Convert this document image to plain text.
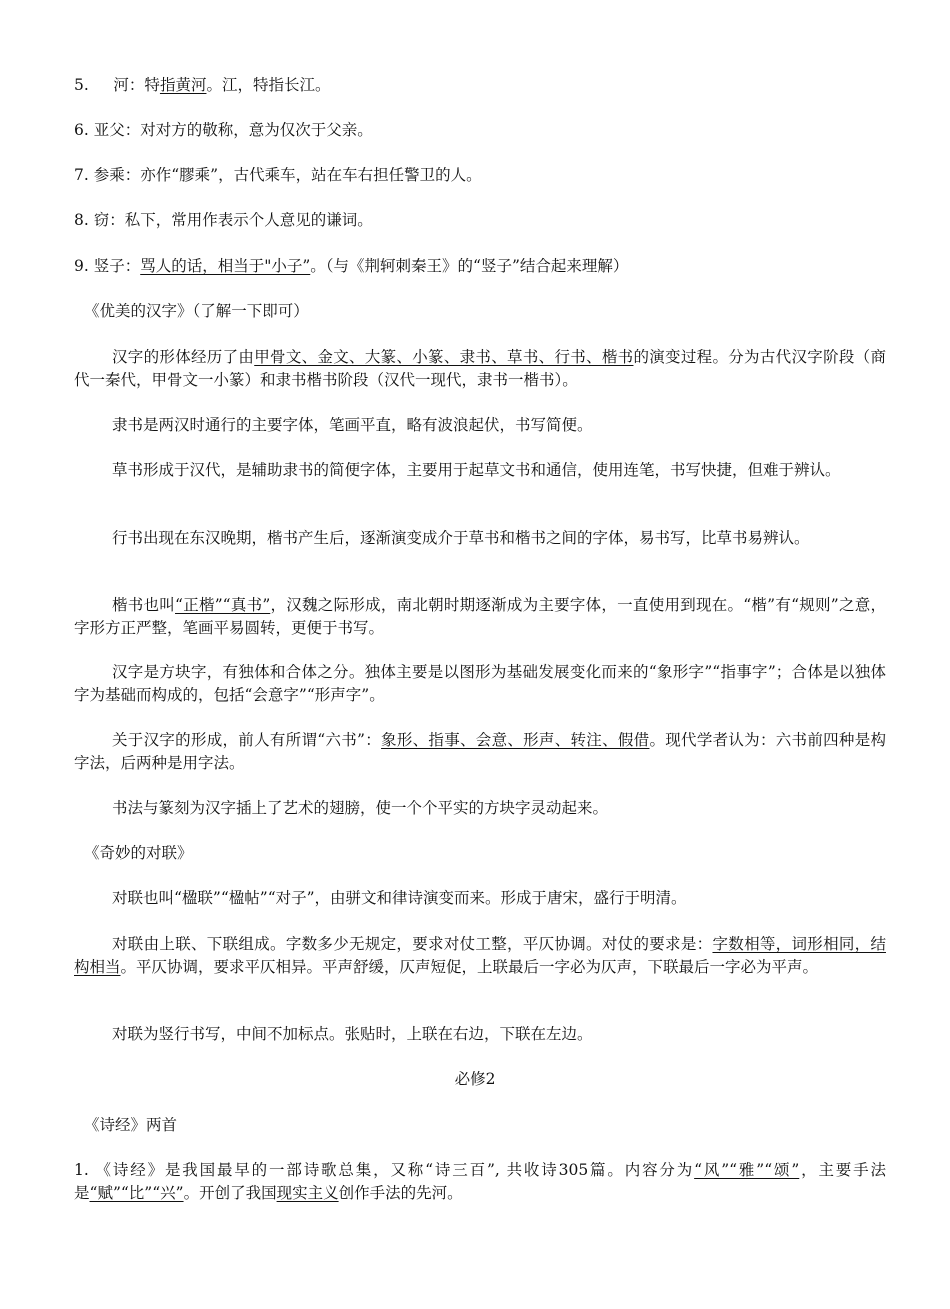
5.     河：特指黄河。江，特指长江。

6. 亚父：对对方的敬称，意为仅次于父亲。

7. 参乘：亦作“膠乘”，古代乘车，站在车右担任警卫的人。

8. 窃：私下，常用作表示个人意见的谦词。

9. 竖子：骂人的话，相当于"小子”。（与《荆轲刺秦王》的“竖子”结合起来理解）

《优美的汉字》（了解一下即可）

汉字的形体经历了由甲骨文、金文、大篆、小篆、隶书、草书、行书、楷书的演变过程。分为古代汉字阶段（商代一秦代，甲骨文一小篆）和隶书楷书阶段（汉代一现代，隶书一楷书）。

隶书是两汉时通行的主要字体，笔画平直，略有波浪起伏，书写简便。

草书形成于汉代，是辅助隶书的简便字体，主要用于起草文书和通信，使用连笔，书写快捷，但难于辨认。

行书出现在东汉晚期，楷书产生后，逐渐演变成介于草书和楷书之间的字体，易书写，比草书易辨认。

楷书也叫“正楷”“真书”，汉魏之际形成，南北朝时期逐渐成为主要字体，一直使用到现在。“楷”有“规则”之意，字形方正严整，笔画平易圆转，更便于书写。

汉字是方块字，有独体和合体之分。独体主要是以图形为基础发展变化而来的“象形字”“指事字”；合体是以独体字为基础而构成的，包括“会意字”“形声字”。

关于汉字的形成，前人有所谓“六书”：象形、指事、会意、形声、转注、假借。现代学者认为：六书前四种是构字法，后两种是用字法。

书法与篆刻为汉字插上了艺术的翅膀，使一个个平实的方块字灵动起来。

《奇妙的对联》

对联也叫“楹联”“楹帖”“对子”，由骈文和律诗演变而来。形成于唐宋，盛行于明清。

对联由上联、下联组成。字数多少无规定，要求对仗工整，平仄协调。对仗的要求是：字数相等，词形相同，结构相当。平仄协调，要求平仄相异。平声舒缓，仄声短促，上联最后一字必为仄声，下联最后一字必为平声。

对联为竖行书写，中间不加标点。张贴时，上联在右边，下联在左边。

必修2

《诗经》两首

1. 《诗经》是我国最早的一部诗歌总集，又称“诗三百”, 共收诗305篇。内容分为“风”“雅”“颂”，主要手法是“赋”“比”“兴”。开创了我国现实主义创作手法的先河。
